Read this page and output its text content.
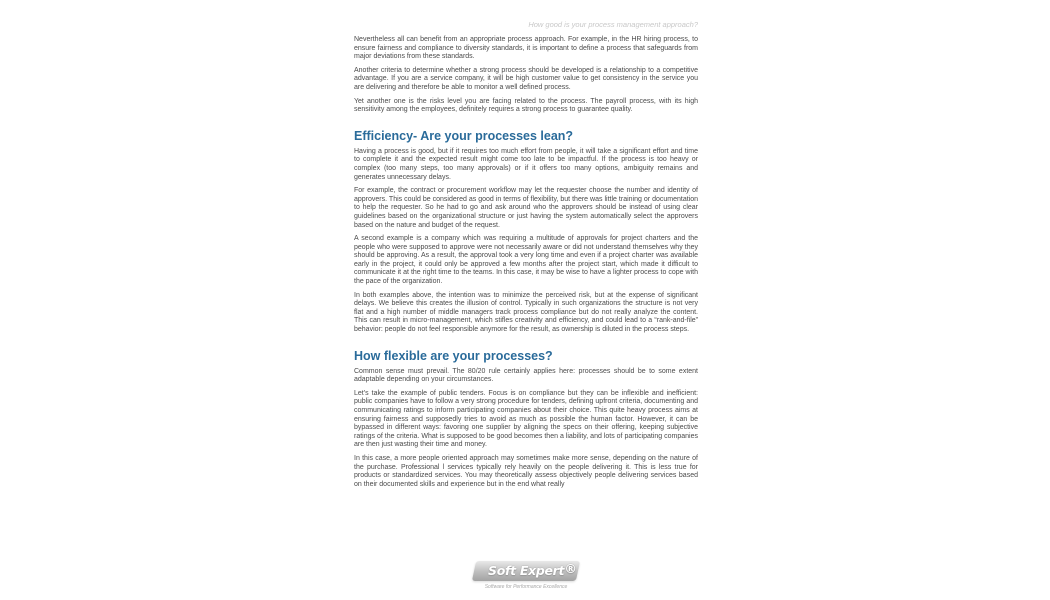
How good is your process management approach?

Nevertheless all can benefit from an appropriate process approach. For example, in the HR hiring process, to ensure fairness and compliance to diversity standards, it is important to define a process that safeguards from major deviations from these standards.

Another criteria to determine whether a strong process should be developed is a relationship to a competitive advantage. If you are a service company, it will be high customer value to get consistency in the service you are delivering and therefore be able to monitor a well defined process.

Yet another one is the risks level you are facing related to the process. The payroll process, with its high sensitivity among the employees, definitely requires a strong process to guarantee quality.

Efficiency- Are your processes lean?

Having a process is good, but if it requires too much effort from people, it will take a significant effort and time to complete it and the expected result might come too late to be impactful. If the process is too heavy or complex (too many steps, too many approvals) or if it offers too many options, ambiguity remains and generates unnecessary delays.

For example, the contract or procurement workflow may let the requester choose the number and identity of approvers. This could be considered as good in terms of flexibility, but there was little training or documentation to help the requester. So he had to go and ask around who the approvers should be instead of using clear guidelines based on the organizational structure or just having the system automatically select the approvers based on the nature and budget of the request.

A second example is a company which was requiring a multitude of approvals for project charters and the people who were supposed to approve were not necessarily aware or did not understand themselves why they should be approving. As a result, the approval took a very long time and even if a project charter was available early in the project, it could only be approved a few months after the project start, which made it difficult to communicate it at the right time to the teams. In this case, it may be wise to have a lighter process to cope with the pace of the organization.

In both examples above, the intention was to minimize the perceived risk, but at the expense of significant delays. We believe this creates the illusion of control. Typically in such organizations the structure is not very flat and a high number of middle managers track process compliance but do not really analyze the content. This can result in micro-management, which stifles creativity and efficiency, and could lead to a “rank-and-file” behavior: people do not feel responsible anymore for the result, as ownership is diluted in the process steps.

How flexible are your processes?

Common sense must prevail. The 80/20 rule certainly applies here: processes should be to some extent adaptable depending on your circumstances.

Let’s take the example of public tenders. Focus is on compliance but they can be inflexible and inefficient: public companies have to follow a very strong procedure for tenders, defining upfront criteria, documenting and communicating ratings to inform participating companies about their choice. This quite heavy process aims at ensuring fairness and supposedly tries to avoid as much as possible the human factor. However, it can be bypassed in different ways: favoring one supplier by aligning the specs on their offering, keeping subjective ratings of the criteria. What is supposed to be good becomes then a liability, and lots of participating companies are then just wasting their time and money.

In this case, a more people oriented approach may sometimes make more sense, depending on the nature of the purchase. Professional l services typically rely heavily on the people delivering it. This is less true for products or standardized services. You may theoretically assess objectively people delivering services based on their documented skills and experience but in the end what really

Soft Expert ®
Software for Performance Excellence
